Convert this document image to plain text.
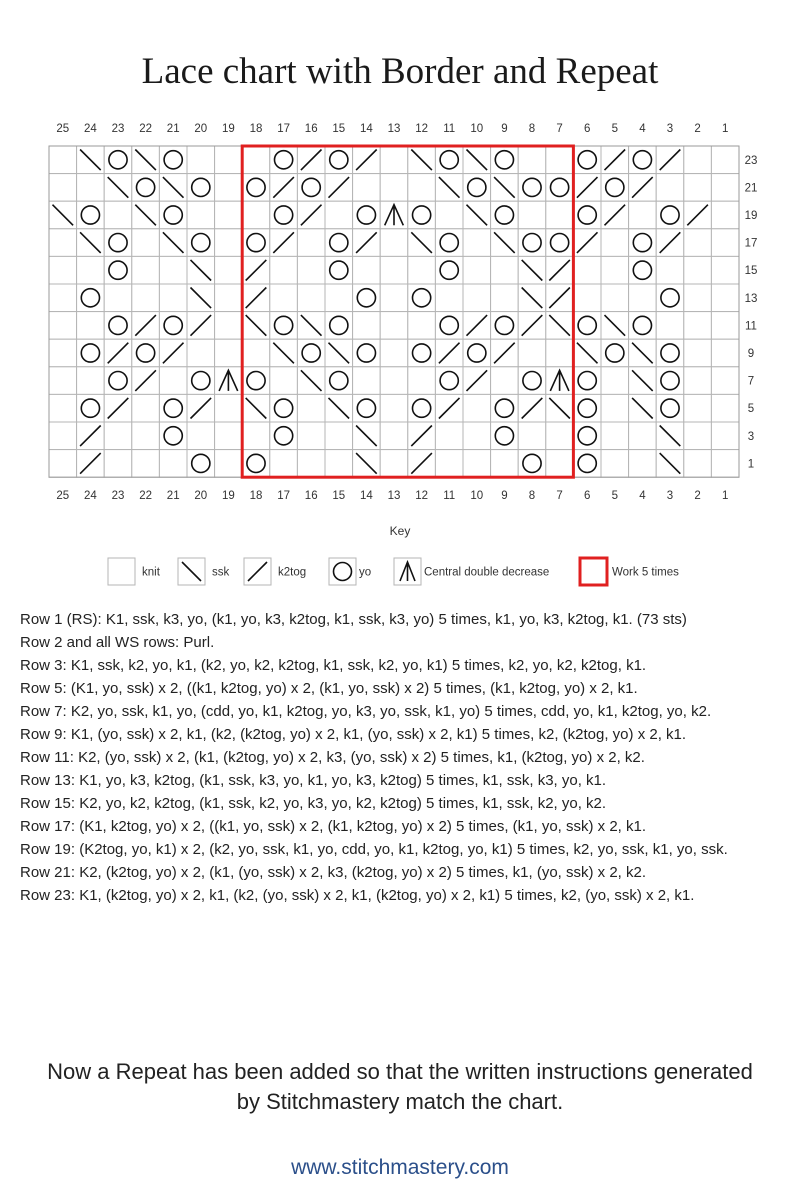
Lace chart with Border and Repeat
25
25
24
24
23
23
22
22
21
21
20
20
19
19
18
18
17
17
16
16
15
15
14
14
13
13
12
12
11
11
10
10
9
9
8
8
7
7
6
6
5
5
4
4
3
3
2
2
1
1
23
21
19
17
15
13
11
9
7
5
3
1
Key
knit	ssk	k2tog	yo	Central double decrease	Work 5 times

Row 1 (RS): K1, ssk, k3, yo, (k1, yo, k3, k2tog, k1, ssk, k3, yo) 5 times, k1, yo, k3, k2tog, k1. (73 sts)

Row 2 and all WS rows: Purl.

Row 3: K1, ssk, k2, yo, k1, (k2, yo, k2, k2tog, k1, ssk, k2, yo, k1) 5 times, k2, yo, k2, k2tog, k1.

Row 5: (K1, yo, ssk) x 2, ((k1, k2tog, yo) x 2, (k1, yo, ssk) x 2) 5 times, (k1, k2tog, yo) x 2, k1.

Row 7: K2, yo, ssk, k1, yo, (cdd, yo, k1, k2tog, yo, k3, yo, ssk, k1, yo) 5 times, cdd, yo, k1, k2tog, yo, k2.

Row 9: K1, (yo, ssk) x 2, k1, (k2, (k2tog, yo) x 2, k1, (yo, ssk) x 2, k1) 5 times, k2, (k2tog, yo) x 2, k1.

Row 11: K2, (yo, ssk) x 2, (k1, (k2tog, yo) x 2, k3, (yo, ssk) x 2) 5 times, k1, (k2tog, yo) x 2, k2.

Row 13: K1, yo, k3, k2tog, (k1, ssk, k3, yo, k1, yo, k3, k2tog) 5 times, k1, ssk, k3, yo, k1.

Row 15: K2, yo, k2, k2tog, (k1, ssk, k2, yo, k3, yo, k2, k2tog) 5 times, k1, ssk, k2, yo, k2.

Row 17: (K1, k2tog, yo) x 2, ((k1, yo, ssk) x 2, (k1, k2tog, yo) x 2) 5 times, (k1, yo, ssk) x 2, k1.

Row 19: (K2tog, yo, k1) x 2, (k2, yo, ssk, k1, yo, cdd, yo, k1, k2tog, yo, k1) 5 times, k2, yo, ssk, k1, yo, ssk.

Row 21: K2, (k2tog, yo) x 2, (k1, (yo, ssk) x 2, k3, (k2tog, yo) x 2) 5 times, k1, (yo, ssk) x 2, k2.

Row 23: K1, (k2tog, yo) x 2, k1, (k2, (yo, ssk) x 2, k1, (k2tog, yo) x 2, k1) 5 times, k2, (yo, ssk) x 2, k1.

Now a Repeat has been added so that the written instructions generated by Stitchmastery match the chart.

www.stitchmastery.com
